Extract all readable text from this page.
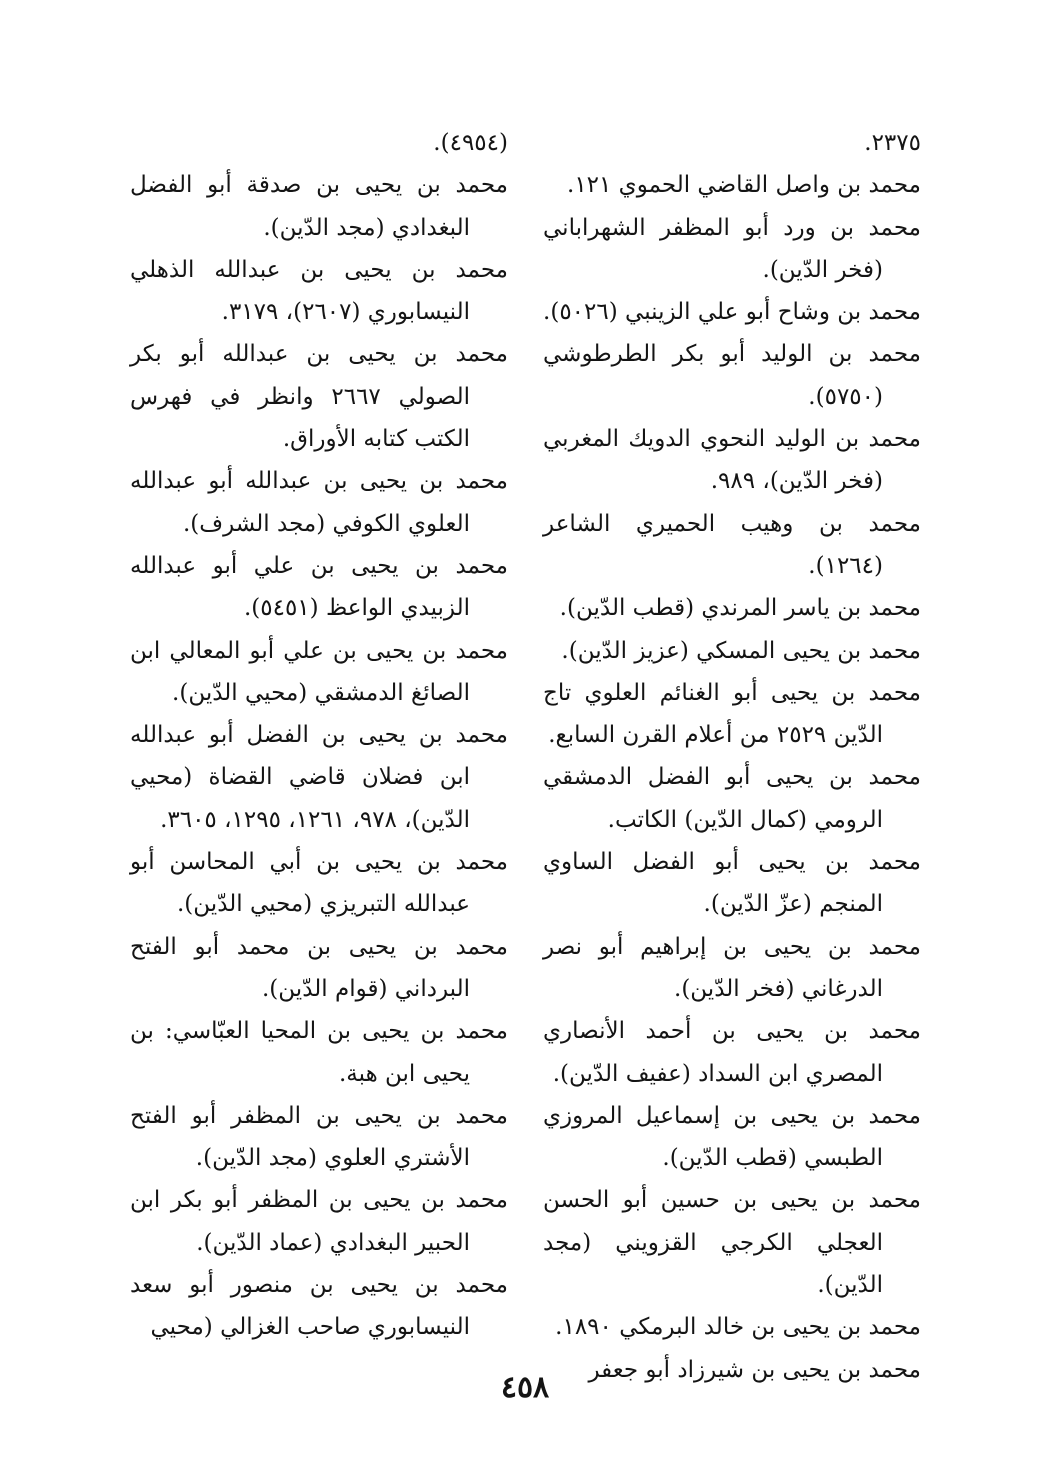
٢٣٧٥.

محمد بن واصل القاضي الحموي ١٢١.

محمد بن ورد أبو المظفر الشهراباني (فخر الدّين).

محمد بن وشاح أبو علي الزينبي (٥٠٢٦).

محمد بن الوليد أبو بكر الطرطوشي (٥٧٥٠).

محمد بن الوليد النحوي الدويك المغربي (فخر الدّين)، ٩٨٩.

محمد بن وهيب الحميري الشاعر (١٢٦٤).

محمد بن ياسر المرندي (قطب الدّين).

محمد بن يحيى المسكي (عزيز الدّين).

محمد بن يحيى أبو الغنائم العلوي تاج الدّين ٢٥٢٩ من أعلام القرن السابع.

محمد بن يحيى أبو الفضل الدمشقي الرومي (كمال الدّين) الكاتب.

محمد بن يحيى أبو الفضل الساوي المنجم (عزّ الدّين).

محمد بن يحيى بن إبراهيم أبو نصر الدرغاني (فخر الدّين).

محمد بن يحيى بن أحمد الأنصاري المصري ابن السداد (عفيف الدّين).

محمد بن يحيى بن إسماعيل المروزي الطبسي (قطب الدّين).

محمد بن يحيى بن حسين أبو الحسن العجلي الكرجي القزويني (مجد الدّين).

محمد بن يحيى بن خالد البرمكي ١٨٩٠.

محمد بن يحيى بن شيرزاد أبو جعفر

(٤٩٥٤).

محمد بن يحيى بن صدقة أبو الفضل البغدادي (مجد الدّين).

محمد بن يحيى بن عبدالله الذهلي النيسابوري (٢٦٠٧)، ٣١٧٩.

محمد بن يحيى بن عبدالله أبو بكر الصولي ٢٦٦٧ وانظر في فهرس الكتب كتابه الأوراق.

محمد بن يحيى بن عبدالله أبو عبدالله العلوي الكوفي (مجد الشرف).

محمد بن يحيى بن علي أبو عبدالله الزبيدي الواعظ (٥٤٥١).

محمد بن يحيى بن علي أبو المعالي ابن الصائغ الدمشقي (محيي الدّين).

محمد بن يحيى بن الفضل أبو عبدالله ابن فضلان قاضي القضاة (محيي الدّين)، ٩٧٨، ١٢٦١، ١٢٩٥، ٣٦٠٥.

محمد بن يحيى بن أبي المحاسن أبو عبدالله التبريزي (محيي الدّين).

محمد بن يحيى بن محمد أبو الفتح البرداني (قوام الدّين).

محمد بن يحيى بن المحيا العبّاسي: بن يحيى ابن هبة.

محمد بن يحيى بن المظفر أبو الفتح الأشتري العلوي (مجد الدّين).

محمد بن يحيى بن المظفر أبو بكر ابن الحبير البغدادي (عماد الدّين).

محمد بن يحيى بن منصور أبو سعد النيسابوري صاحب الغزالي (محيي

٤٥٨
